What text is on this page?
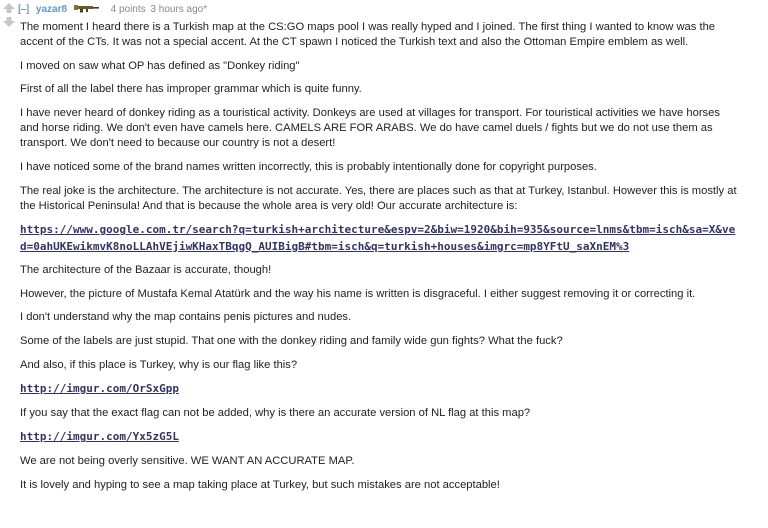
[–] yazar8	4 points 3 hours ago*

The moment I heard there is a Turkish map at the CS:GO maps pool I was really hyped and I joined. The first thing I wanted to know was the accent of the CTs. It was not a special accent. At the CT spawn I noticed the Turkish text and also the Ottoman Empire emblem as well.

I moved on saw what OP has defined as "Donkey riding"

First of all the label there has improper grammar which is quite funny.

I have never heard of donkey riding as a touristical activity. Donkeys are used at villages for transport. For touristical activities we have horses and horse riding. We don't even have camels here. CAMELS ARE FOR ARABS. We do have camel duels / fights but we do not use them as transport. We don't need to because our country is not a desert!

I have noticed some of the brand names written incorrectly, this is probably intentionally done for copyright purposes.

The real joke is the architecture. The architecture is not accurate. Yes, there are places such as that at Turkey, Istanbul. However this is mostly at the Historical Peninsula! And that is because the whole area is very old! Our accurate architecture is:

https://www.google.com.tr/search?q=turkish+architecture&espv=2&biw=1920&bih=935&source=lnms&tbm=isch&sa=X&ved=0ahUKEwikmvK8noLLAhVEjiwKHaxTBqgQ_AUIBigB#tbm=isch&q=turkish+houses&imgrc=mp8YFtU_saXnEM%3

The architecture of the Bazaar is accurate, though!

However, the picture of Mustafa Kemal Atatürk and the way his name is written is disgraceful. I either suggest removing it or correcting it.

I don't understand why the map contains penis pictures and nudes.

Some of the labels are just stupid. That one with the donkey riding and family wide gun fights? What the fuck?

And also, if this place is Turkey, why is our flag like this?

http://imgur.com/OrSxGpp

If you say that the exact flag can not be added, why is there an accurate version of NL flag at this map?

http://imgur.com/Yx5zG5L

We are not being overly sensitive. WE WANT AN ACCURATE MAP.

It is lovely and hyping to see a map taking place at Turkey, but such mistakes are not acceptable!
